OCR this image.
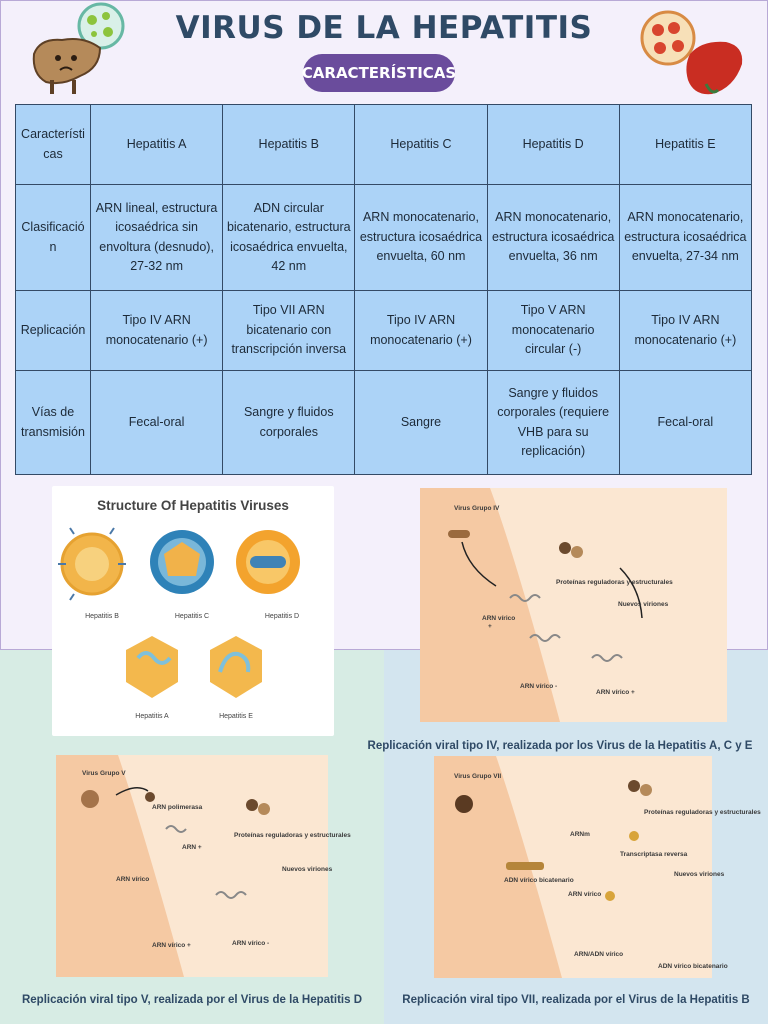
VIRUS DE LA HEPATITIS
CARACTERÍSTICAS
Característi cas	Hepatitis A	Hepatitis B	Hepatitis C	Hepatitis D	Hepatitis E
Clasificació n	ARN lineal, estructura icosaédrica sin envoltura (desnudo), 27-32 nm	ADN circular bicatenario, estructura icosaédrica envuelta, 42 nm	ARN monocatenario, estructura icosaédrica envuelta, 60 nm	ARN monocatenario, estructura icosaédrica envuelta, 36 nm	ARN monocatenario, estructura icosaédrica envuelta, 27-34 nm
Replicación	Tipo IV ARN monocatenario (+)	Tipo VII ARN bicatenario con transcripción inversa	Tipo IV ARN monocatenario (+)	Tipo V ARN monocatenario circular (-)	Tipo IV ARN monocatenario (+)
Vías de transmisión	Fecal-oral	Sangre y fluidos corporales	Sangre	Sangre y fluidos corporales (requiere VHB para su replicación)	Fecal-oral
Structure Of Hepatitis Viruses
Hepatitis B	Hepatitis C	Hepatitis D
Hepatitis A	Hepatitis E
Virus Grupo IV
Proteínas reguladoras y estructurales
ARN vírico
+
Nuevos viriones
ARN vírico -
ARN vírico +
Replicación viral tipo IV, realizada por los Virus de la Hepatitis A, C y E
Virus Grupo V
ARN polimerasa
ARN +
Proteínas reguladoras y estructurales
Nuevos viriones
ARN vírico
ARN vírico +	ARN vírico -
Replicación viral tipo V, realizada por el Virus de la Hepatitis D
Virus Grupo VII
Proteínas reguladoras y estructurales
ARNm
Transcriptasa reversa
ADN vírico bicatenario
ARN vírico
Nuevos viriones
ARN/ADN vírico
ADN vírico bicatenario
Replicación viral tipo VII, realizada por el Virus de la Hepatitis B
